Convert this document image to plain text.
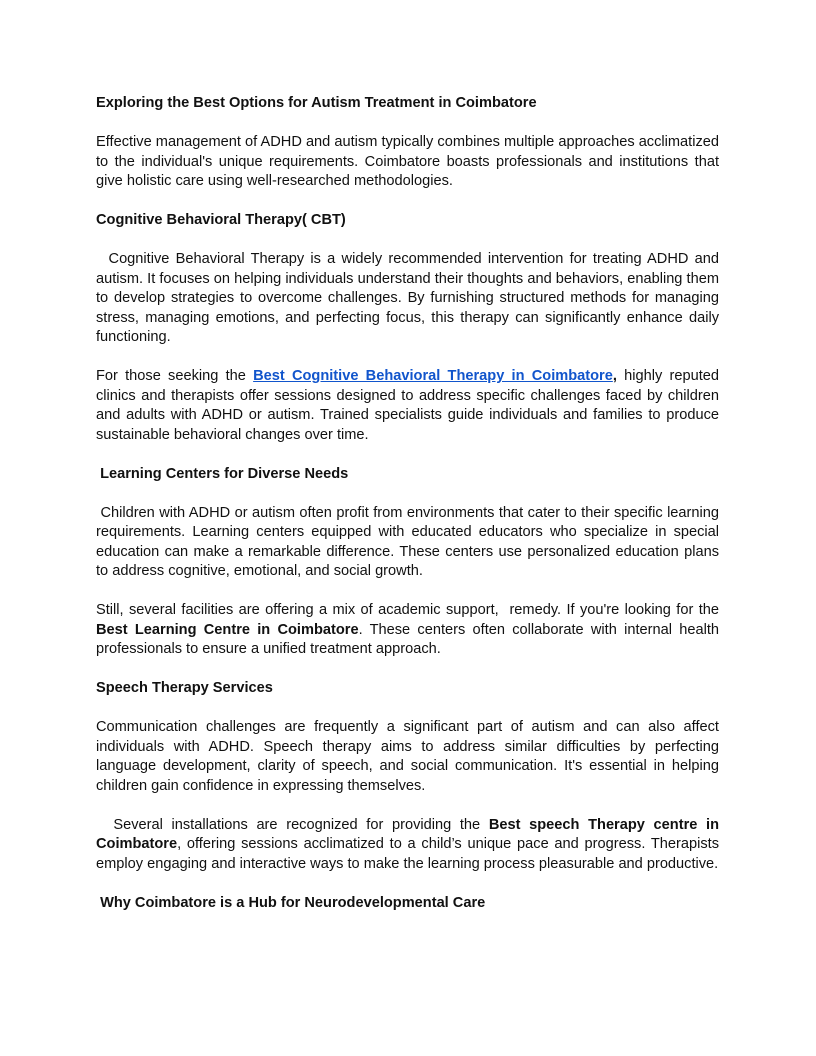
Exploring the Best Options for Autism Treatment in Coimbatore

Effective management of ADHD and autism typically combines multiple approaches acclimatized to the individual's unique requirements. Coimbatore boasts professionals and institutions that give holistic care using well-researched methodologies.

Cognitive Behavioral Therapy( CBT)

Cognitive Behavioral Therapy is a widely recommended intervention for treating ADHD and autism. It focuses on helping individuals understand their thoughts and behaviors, enabling them to develop strategies to overcome challenges. By furnishing structured methods for managing stress, managing emotions, and perfecting focus, this therapy can significantly enhance daily functioning.

For those seeking the Best Cognitive Behavioral Therapy in Coimbatore, highly reputed clinics and therapists offer sessions designed to address specific challenges faced by children and adults with ADHD or autism. Trained specialists guide individuals and families to produce sustainable behavioral changes over time.

Learning Centers for Diverse Needs

Children with ADHD or autism often profit from environments that cater to their specific learning requirements. Learning centers equipped with educated educators who specialize in special education can make a remarkable difference. These centers use personalized education plans to address cognitive, emotional, and social growth.

Still, several facilities are offering a mix of academic support,  remedy. If you're looking for the Best Learning Centre in Coimbatore. These centers often collaborate with internal health professionals to ensure a unified treatment approach.

Speech Therapy Services

Communication challenges are frequently a significant part of autism and can also affect individuals with ADHD. Speech therapy aims to address similar difficulties by perfecting language development, clarity of speech, and social communication. It's essential in helping children gain confidence in expressing themselves.

Several installations are recognized for providing the Best speech Therapy centre in Coimbatore, offering sessions acclimatized to a child’s unique pace and progress. Therapists employ engaging and interactive ways to make the learning process pleasurable and productive.

Why Coimbatore is a Hub for Neurodevelopmental Care
